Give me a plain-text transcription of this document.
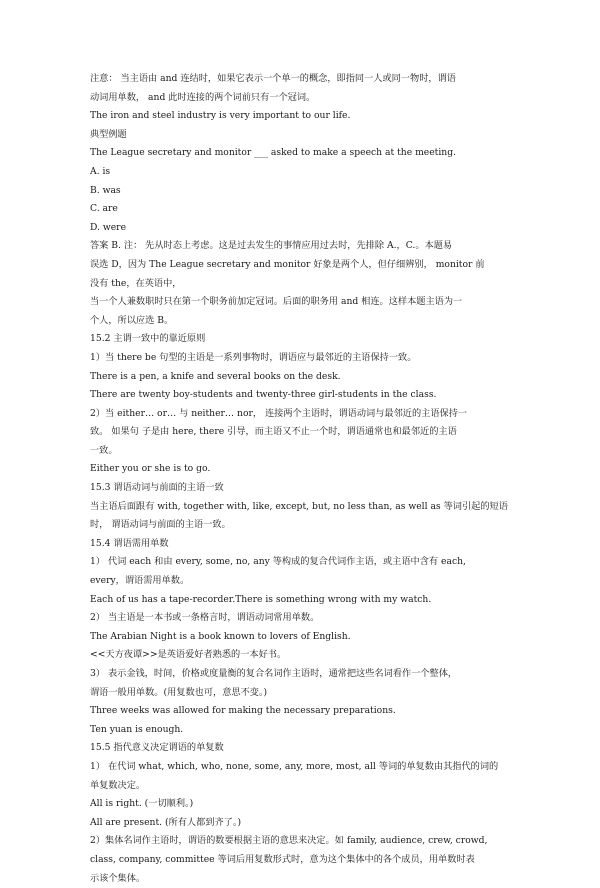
注意： 当主语由 and 连结时，如果它表示一个单一的概念，即指同一人或同一物时，谓语
动词用单数， and 此时连接的两个词前只有一个冠词。
The iron and steel industry is very important to our life.
典型例题
The League secretary and monitor ___ asked to make a speech at the meeting.
A. is
B. was
C. are
D. were
答案 B. 注： 先从时态上考虑。这是过去发生的事情应用过去时，先排除 A.，C.。本题易
误选 D，因为 The League secretary and monitor 好象是两个人，但仔细辨别， monitor 前
没有 the，在英语中，
当一个人兼数职时只在第一个职务前加定冠词。后面的职务用 and 相连。这样本题主语为一
个人，所以应选 B。
15.2 主谓一致中的靠近原则
1）当 there be 句型的主语是一系列事物时，谓语应与最邻近的主语保持一致。
There is a pen, a knife and several books on the desk.
There are twenty boy-students and twenty-three girl-students in the class.
2）当 either… or… 与 neither… nor， 连接两个主语时，谓语动词与最邻近的主语保持一
致。 如果句 子是由 here, there 引导，而主语又不止一个时，谓语通常也和最邻近的主语
一致。
Either you or she is to go.
15.3 谓语动词与前面的主语一致
当主语后面跟有 with, together with, like, except, but, no less than, as well as 等词引起的短语
时， 谓语动词与前面的主语一致。
15.4 谓语需用单数
1） 代词 each 和由 every, some, no, any 等构成的复合代词作主语，或主语中含有 each,
every，谓语需用单数。
Each of us has a tape-recorder.There is something wrong with my watch.
2） 当主语是一本书或一条格言时，谓语动词常用单数。
The Arabian Night is a book known to lovers of English.
<<天方夜谭>>是英语爱好者熟悉的一本好书。
3） 表示金钱，时间，价格或度量衡的复合名词作主语时，通常把这些名词看作一个整体，
谓语一般用单数。(用复数也可，意思不变。)
Three weeks was allowed for making the necessary preparations.
Ten yuan is enough.
15.5 指代意义决定谓语的单复数
1） 在代词 what, which, who, none, some, any, more, most, all 等词的单复数由其指代的词的
单复数决定。
All is right. (一切顺利。)
All are present. (所有人都到齐了。)
2）集体名词作主语时，谓语的数要根据主语的意思来决定。如 family, audience, crew, crowd,
class, company, committee 等词后用复数形式时，意为这个集体中的各个成员，用单数时表
示该个集体。
